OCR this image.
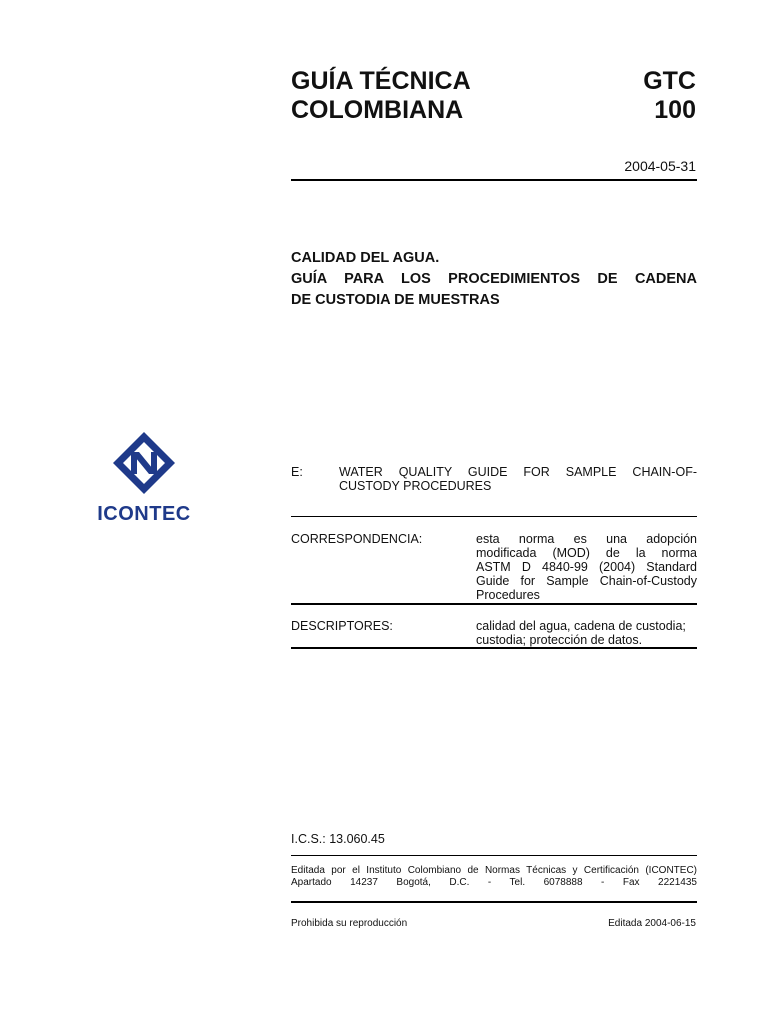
GUÍA TÉCNICA
COLOMBIANA
GTC
100
2004-05-31
CALIDAD DEL AGUA.
GUÍA PARA LOS PROCEDIMIENTOS DE CADENA
DE CUSTODIA DE MUESTRAS
ICONTEC
E:	WATER QUALITY GUIDE FOR SAMPLE CHAIN-OF-
CUSTODY PROCEDURES
CORRESPONDENCIA:	esta norma es una adopción
modificada (MOD) de la norma
ASTM D 4840-99 (2004) Standard
Guide for Sample Chain-of-Custody
Procedures
DESCRIPTORES:	calidad del agua, cadena de custodia;
custodia; protección de datos.
I.C.S.: 13.060.45
Editada por el Instituto Colombiano de Normas Técnicas y Certificación (ICONTEC)
Apartado 14237 Bogotá, D.C. - Tel. 6078888 - Fax 2221435
Prohibida su reproducción	Editada 2004-06-15
